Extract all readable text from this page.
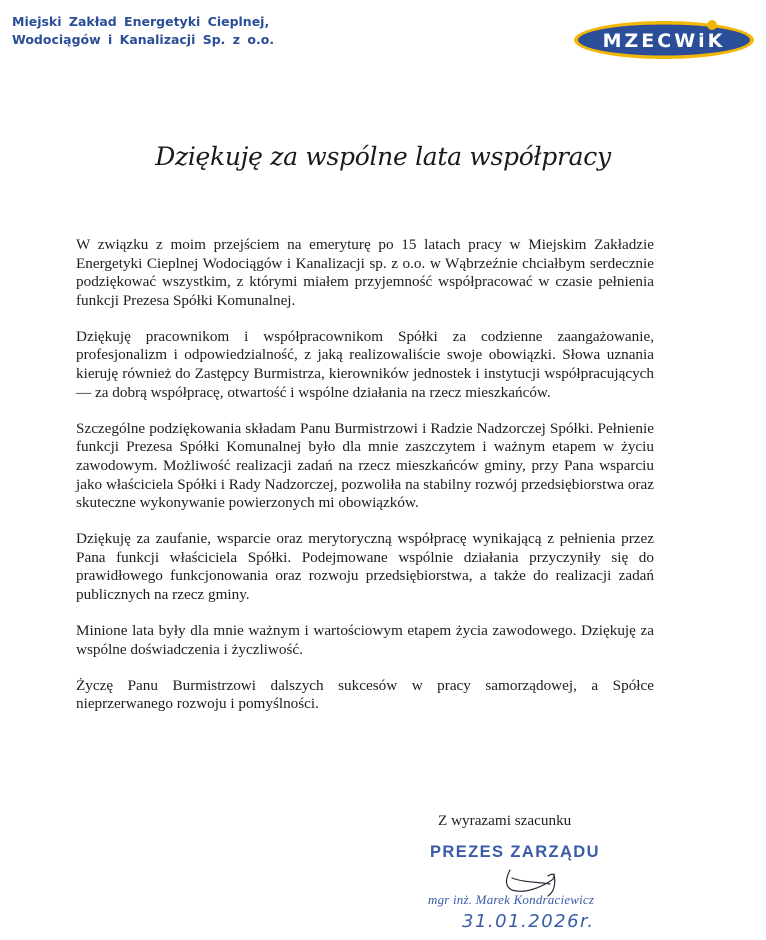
Miejski Zakład Energetyki Cieplnej,
Wodociągów i Kanalizacji Sp. z o.o.	MZECWiK
Dziękuję za wspólne lata współpracy

W związku z moim przejściem na emeryturę po 15 latach pracy w Miejskim Zakładzie Energetyki Cieplnej Wodociągów i Kanalizacji sp. z o.o. w Wąbrzeźnie chciałbym serdecznie podziękować wszystkim, z którymi miałem przyjemność współpracować w czasie pełnienia funkcji Prezesa Spółki Komunalnej.

Dziękuję pracownikom i współpracownikom Spółki za codzienne zaangażowanie, profesjonalizm i odpowiedzialność, z jaką realizowaliście swoje obowiązki. Słowa uznania kieruję również do Zastępcy Burmistrza, kierowników jednostek i instytucji współpracujących — za dobrą współpracę, otwartość i wspólne działania na rzecz mieszkańców.

Szczególne podziękowania składam Panu Burmistrzowi i Radzie Nadzorczej Spółki. Pełnienie funkcji Prezesa Spółki Komunalnej było dla mnie zaszczytem i ważnym etapem w życiu zawodowym. Możliwość realizacji zadań na rzecz mieszkańców gminy, przy Pana wsparciu jako właściciela Spółki i Rady Nadzorczej, pozwoliła na stabilny rozwój przedsiębiorstwa oraz skuteczne wykonywanie powierzonych mi obowiązków.

Dziękuję za zaufanie, wsparcie oraz merytoryczną współpracę wynikającą z pełnienia przez Pana funkcji właściciela Spółki. Podejmowane wspólnie działania przyczyniły się do prawidłowego funkcjonowania oraz rozwoju przedsiębiorstwa, a także do realizacji zadań publicznych na rzecz gminy.

Minione lata były dla mnie ważnym i wartościowym etapem życia zawodowego. Dziękuję za wspólne doświadczenia i życzliwość.

Życzę Panu Burmistrzowi dalszych sukcesów w pracy samorządowej, a Spółce nieprzerwanego rozwoju i pomyślności.

Z wyrazami szacunku
PREZES ZARZĄDU
mgr inż. Marek Kondraciewicz
31.01.2026r.
